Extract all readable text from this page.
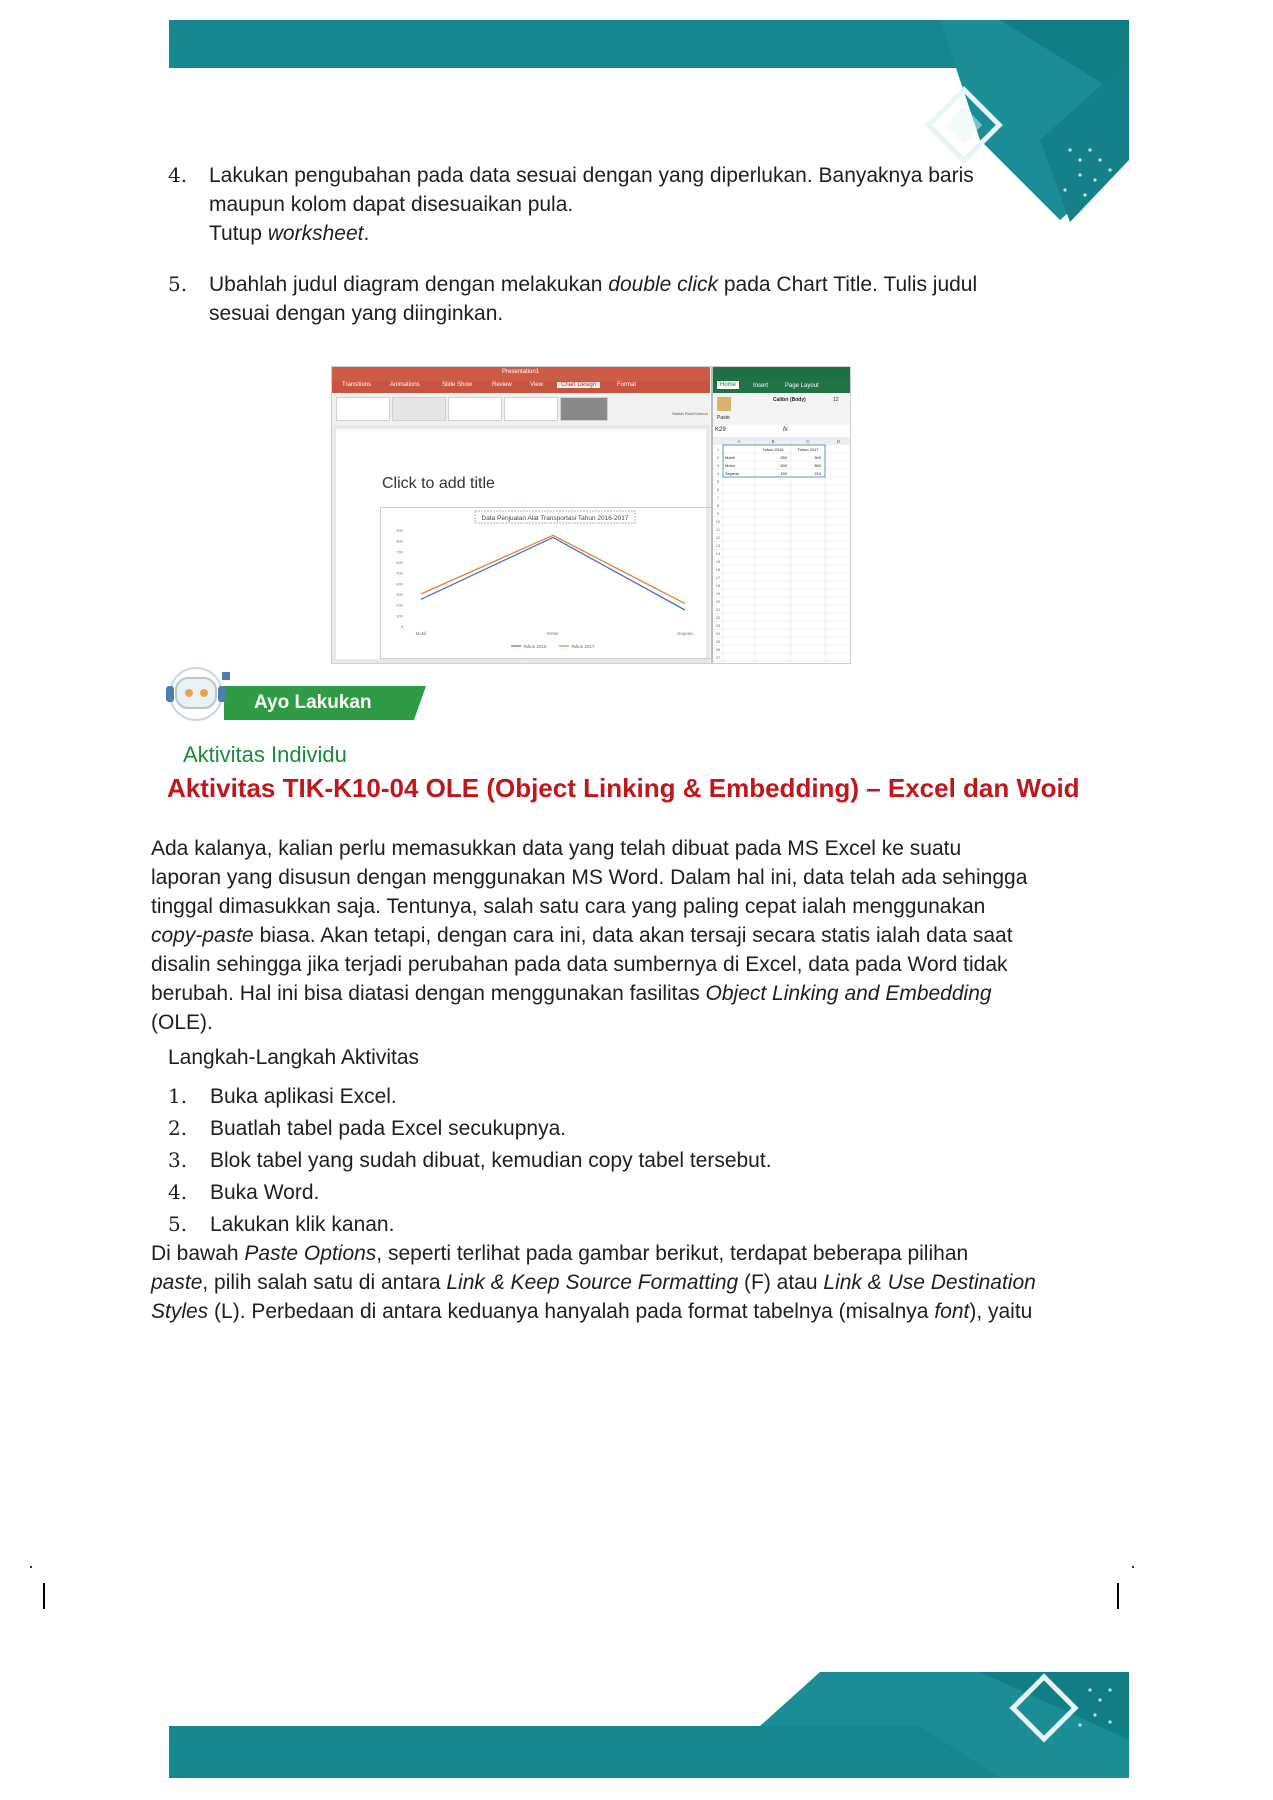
4. Lakukan pengubahan pada data sesuai dengan yang diperlukan. Banyaknya baris
maupun kolom dapat disesuaikan pula.
Tutup worksheet.
5. Ubahlah judul diagram dengan melakukan double click pada Chart Title. Tulis judul
sesuai dengan yang diinginkan.
Presentation1
Transitions	Animations	Slide Show	Review	View	Chart Design	Format
Switch Row/Column
Click to add title
Data Penjualan Alat Transportasi Tahun 2016-2017
0
100
200
300
400
500
600
700
800
900
Mobil	Motor	Sepeda
Tahun 2016	Tahun 2017
Home	Insert	Page Layout
Paste
Calibri (Body)	12
K29	fx
A	B	C	D
1
2
3
4
5
6
7
8
9
10
11
12
13
14
15
16
17
18
19
20
21
22
23
24
25
26
27
Tahun 2016	Tahun 2017
Mobil	250	300
Motor	830	850
Sepeda	150	210
Ayo Lakukan
Aktivitas Individu
Aktivitas TIK-K10-04 OLE (Object Linking & Embedding) – Excel dan Woid
Ada kalanya, kalian perlu memasukkan data yang telah dibuat pada MS Excel ke suatu
laporan yang disusun dengan menggunakan MS Word. Dalam hal ini, data telah ada sehingga
tinggal dimasukkan saja. Tentunya, salah satu cara yang paling cepat ialah menggunakan
copy-paste biasa. Akan tetapi, dengan cara ini, data akan tersaji secara statis ialah data saat
disalin sehingga jika terjadi perubahan pada data sumbernya di Excel, data pada Word tidak
berubah. Hal ini bisa diatasi dengan menggunakan fasilitas Object Linking and Embedding
(OLE).
Langkah-Langkah Aktivitas
1. Buka aplikasi Excel.
2. Buatlah tabel pada Excel secukupnya.
3. Blok tabel yang sudah dibuat, kemudian copy tabel tersebut.
4. Buka Word.
5. Lakukan klik kanan.
Di bawah Paste Options, seperti terlihat pada gambar berikut, terdapat beberapa pilihan
paste, pilih salah satu di antara Link & Keep Source Formatting (F) atau Link & Use Destination
Styles (L). Perbedaan di antara keduanya hanyalah pada format tabelnya (misalnya font), yaitu
